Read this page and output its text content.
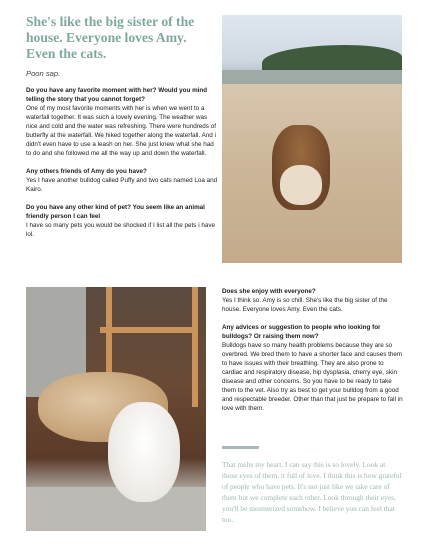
She's like the big sister of the house. Everyone loves Amy. Even the cats.

Poon sap.

Do you have any favorite moment with her? Would you mind telling the story that you cannot forget?

One of my most favorite moments with her is when we went to a waterfall together. It was such a lovely evening. The weather was nice and cold and the water was refreshing. There were hundreds of butterfly at the waterfall. We hiked together along the waterfall. And i didn't even have to use a leash on her. She just knew what she had to do and she followed me all the way up and down the waterfall.

Any others friends of Amy do you have?

Yes I have another bulldog called Puffy and two cats named Loa and Kairo.

Do you have any other kind of pet? You seem like an animal friendly person I can feel

I have so many pets you would be shocked if I list all the pets i have lol.

Does she enjoy with everyone?

Yes I think so. Amy is so chill. She's like the big sister of the house. Everyone loves Amy. Even the cats.

Any advices or suggestion to people who looking for bulldogs? Or raising them now?

Bulldogs have so many health problems because they are so overbred. We bred them to have a shorter face and causes them to have issues with their breathing. They are also prone to cardiac and respiratory disease, hip dysplasia, cherry eye, skin disease and other concerns. So you have to be ready to take them to the vet. Also try as best to get your bulldog from a good and respectable breeder. Other than that just be prepare to fall in love with them.

That melts my heart. I can say this is so lovely. Look at those eyes of them, it full of love. I think this is how grateful of people who have pets. It's not just like we take care of them but we complete each other. Look through their eyes, you'll be mesmerized somehow. I believe you can feel that too.
